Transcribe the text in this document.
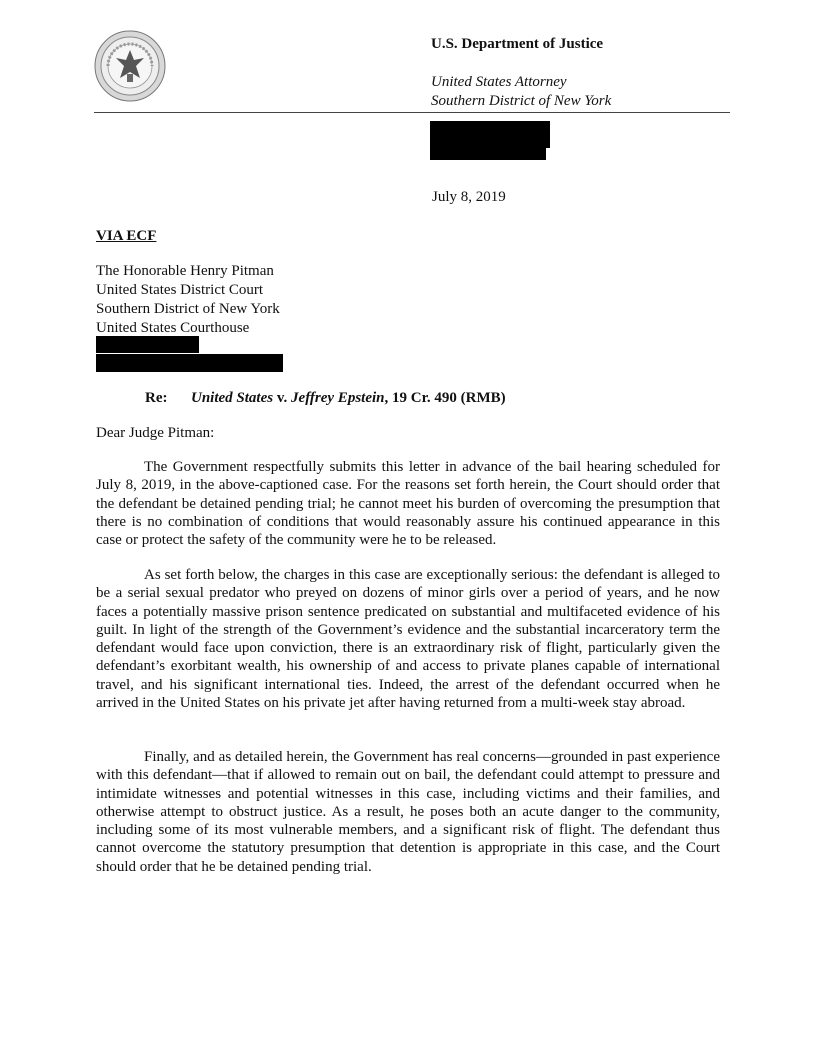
U.S. Department of Justice
United States Attorney
Southern District of New York
July 8, 2019
VIA ECF
The Honorable Henry Pitman
United States District Court
Southern District of New York
United States Courthouse
Re: United States v. Jeffrey Epstein, 19 Cr. 490 (RMB)
Dear Judge Pitman:

The Government respectfully submits this letter in advance of the bail hearing scheduled for July 8, 2019, in the above-captioned case. For the reasons set forth herein, the Court should order that the defendant be detained pending trial; he cannot meet his burden of overcoming the presumption that there is no combination of conditions that would reasonably assure his continued appearance in this case or protect the safety of the community were he to be released.

As set forth below, the charges in this case are exceptionally serious: the defendant is alleged to be a serial sexual predator who preyed on dozens of minor girls over a period of years, and he now faces a potentially massive prison sentence predicated on substantial and multifaceted evidence of his guilt. In light of the strength of the Government’s evidence and the substantial incarceratory term the defendant would face upon conviction, there is an extraordinary risk of flight, particularly given the defendant’s exorbitant wealth, his ownership of and access to private planes capable of international travel, and his significant international ties. Indeed, the arrest of the defendant occurred when he arrived in the United States on his private jet after having returned from a multi-week stay abroad.

Finally, and as detailed herein, the Government has real concerns—grounded in past experience with this defendant—that if allowed to remain out on bail, the defendant could attempt to pressure and intimidate witnesses and potential witnesses in this case, including victims and their families, and otherwise attempt to obstruct justice. As a result, he poses both an acute danger to the community, including some of its most vulnerable members, and a significant risk of flight. The defendant thus cannot overcome the statutory presumption that detention is appropriate in this case, and the Court should order that he be detained pending trial.
